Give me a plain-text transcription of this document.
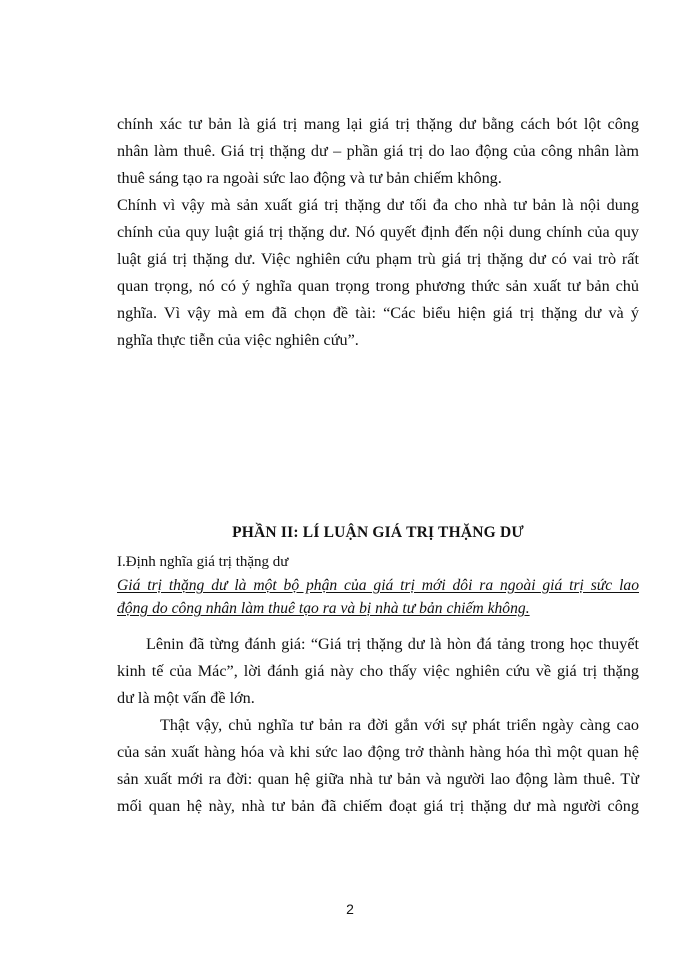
chính xác tư bản là giá trị mang lại giá trị thặng dư bằng cách bót lột công
nhân làm thuê. Giá trị thặng dư – phần giá trị do lao động của công nhân làm
thuê sáng tạo ra ngoài sức lao động và tư bản chiếm không.
Chính vì vậy mà sản xuất giá trị thặng dư tối đa cho nhà tư bản là nội dung
chính của quy luật giá trị thặng dư. Nó quyết định đến nội dung chính của quy
luật giá trị thặng dư. Việc nghiên cứu phạm trù giá trị thặng dư có vai trò rất
quan trọng, nó có ý nghĩa quan trọng trong phương thức sản xuất tư bản chủ
nghĩa. Vì vậy mà em đã chọn đề tài: “Các biểu hiện giá trị thặng dư và ý
nghĩa thực tiễn của việc nghiên cứu”.
PHẦN II: LÍ LUẬN GIÁ TRỊ THẶNG DƯ
I.Định nghĩa giá trị thặng dư
Giá trị thặng dư là một bộ phận của giá trị mới dôi ra ngoài giá trị sức lao
động do công nhân làm thuê tạo ra và bị nhà tư bản chiếm không.
Lênin đã từng đánh giá: “Giá trị thặng dư là hòn đá tảng trong học thuyết
kinh tế của Mác”, lời đánh giá này cho thấy việc nghiên cứu về giá trị thặng
dư là một vấn đề lớn.
Thật vậy, chủ nghĩa tư bản ra đời gắn với sự phát triển ngày càng cao
của sản xuất hàng hóa và khi sức lao động trở thành hàng hóa thì một quan hệ
sản xuất mới ra đời: quan hệ giữa nhà tư bản và người lao động làm thuê. Từ
mối quan hệ này, nhà tư bản đã chiếm đoạt giá trị thặng dư mà người công
2
